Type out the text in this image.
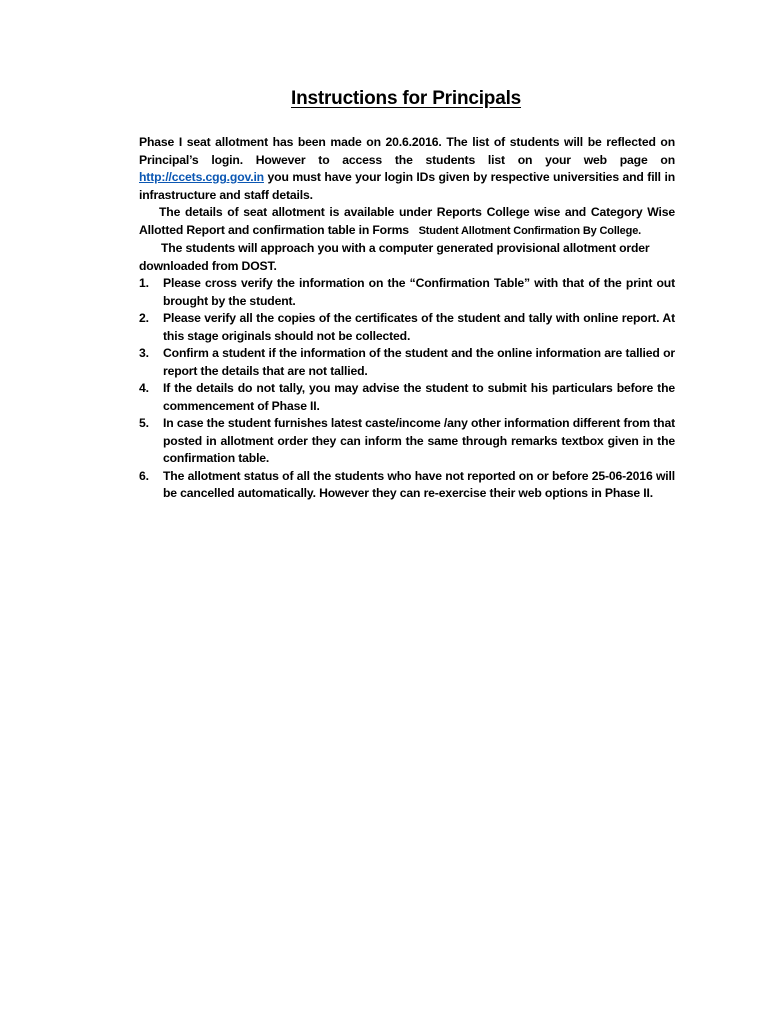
Instructions for Principals

Phase I seat allotment has been made on 20.6.2016. The list of students will be reflected on Principal’s login. However to access the students list on your web page on http://ccets.cgg.gov.in you must have your login IDs given by respective universities and fill in infrastructure and staff details.

The details of seat allotment is available under Reports College wise and Category Wise Allotted Report and confirmation table in Forms Student Allotment Confirmation By College.

The students will approach you with a computer generated provisional allotment order downloaded from DOST.

1. Please cross verify the information on the “Confirmation Table” with that of the print out brought by the student.
2. Please verify all the copies of the certificates of the student and tally with online report. At this stage originals should not be collected.
3. Confirm a student if the information of the student and the online information are tallied or report the details that are not tallied.
4. If the details do not tally, you may advise the student to submit his particulars before the commencement of Phase II.
5. In case the student furnishes latest caste/income /any other information different from that posted in allotment order they can inform the same through remarks textbox given in the confirmation table.
6. The allotment status of all the students who have not reported on or before 25-06-2016 will be cancelled automatically. However they can re-exercise their web options in Phase II.
